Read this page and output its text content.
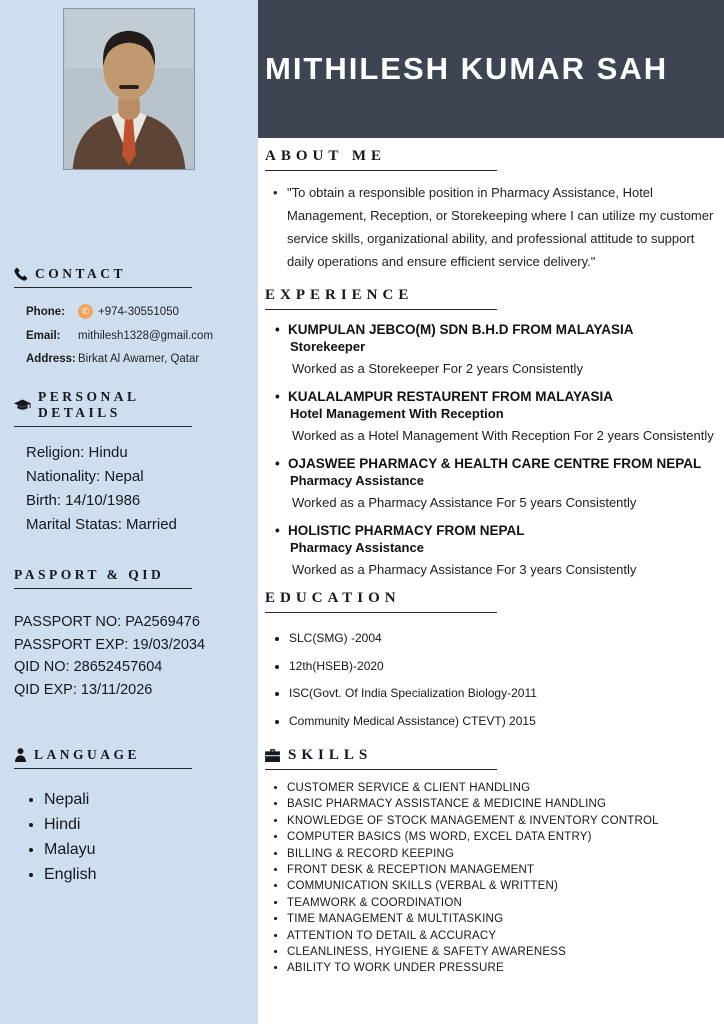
CONTACT
Phone:	✆ +974-30551050
Email:	mithilesh1328@gmail.com
Address: Birkat Al Awamer, Qatar
PERSONAL DETAILS
Religion: Hindu
Nationality: Nepal
Birth: 14/10/1986
Marital Statas: Married
PASPORT & QID
PASSPORT NO: PA2569476
PASSPORT EXP: 19/03/2034
QID NO: 28652457604
QID EXP: 13/11/2026
LANGUAGE
• Nepali
• Hindi
• Malayu
• English
MITHILESH KUMAR SAH
ABOUT ME

• "To obtain a responsible position in Pharmacy Assistance, Hotel Management, Reception, or Storekeeping where I can utilize my customer service skills, organizational ability, and professional attitude to support daily operations and ensure efficient service delivery."

EXPERIENCE
• KUMPULAN JEBCO(M) SDN B.H.D FROM MALAYASIA
Storekeeper
Worked as a Storekeeper For 2 years Consistently
• KUALALAMPUR RESTAURENT FROM MALAYASIA
Hotel Management With Reception
Worked as a Hotel Management With Reception For 2 years Consistently
• OJASWEE PHARMACY & HEALTH CARE CENTRE FROM NEPAL
Pharmacy Assistance
Worked as a Pharmacy Assistance For 5 years Consistently
• HOLISTIC PHARMACY FROM NEPAL
Pharmacy Assistance
Worked as a Pharmacy Assistance For 3 years Consistently
EDUCATION
• SLC(SMG) -2004
• 12th(HSEB)-2020
• ISC(Govt. Of India Specialization Biology-2011
• Community Medical Assistance) CTEVT) 2015
SKILLS
• CUSTOMER SERVICE & CLIENT HANDLING
• BASIC PHARMACY ASSISTANCE & MEDICINE HANDLING
• KNOWLEDGE OF STOCK MANAGEMENT & INVENTORY CONTROL
• COMPUTER BASICS (MS WORD, EXCEL DATA ENTRY)
• BILLING & RECORD KEEPING
• FRONT DESK & RECEPTION MANAGEMENT
• COMMUNICATION SKILLS (VERBAL & WRITTEN)
• TEAMWORK & COORDINATION
• TIME MANAGEMENT & MULTITASKING
• ATTENTION TO DETAIL & ACCURACY
• CLEANLINESS, HYGIENE & SAFETY AWARENESS
• ABILITY TO WORK UNDER PRESSURE
